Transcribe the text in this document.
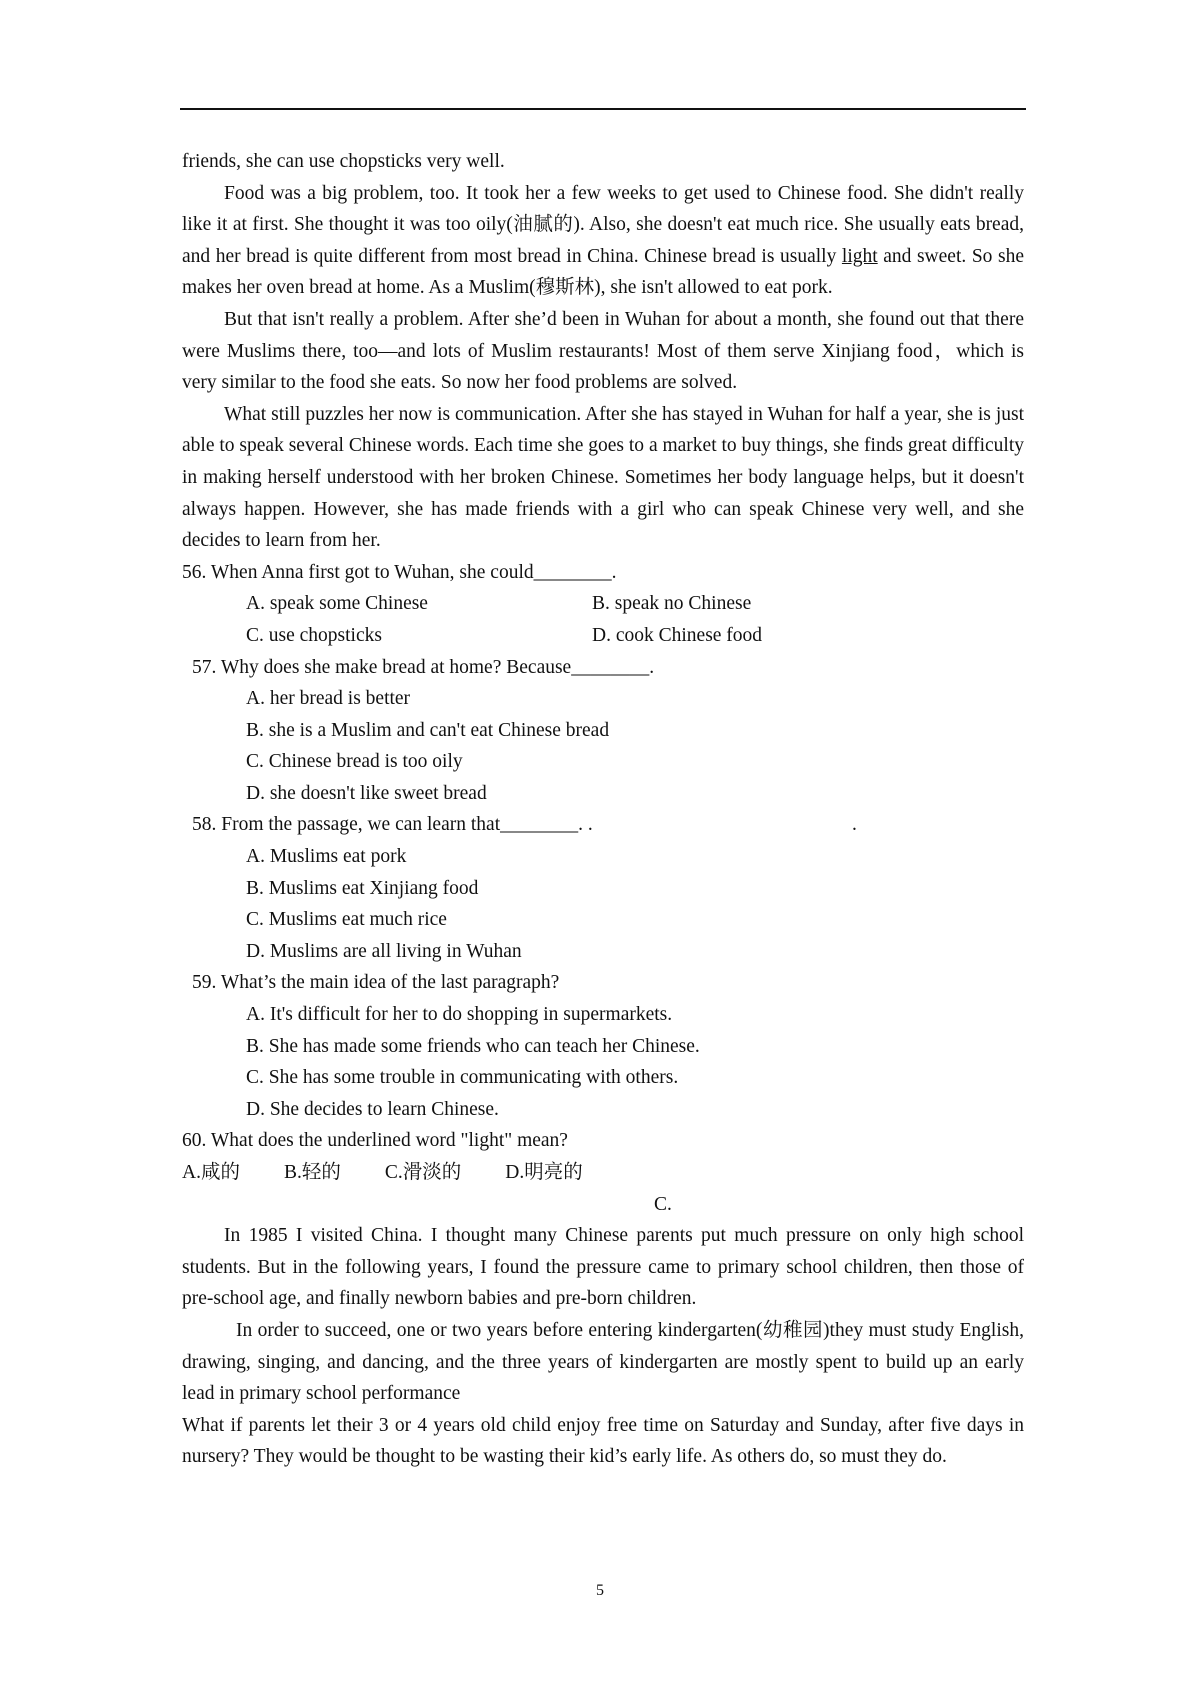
friends, she can use chopsticks very well.

Food was a big problem, too. It took her a few weeks to get used to Chinese food. She didn't really like it at first. She thought it was too oily(油腻的). Also, she doesn't eat much rice. She usually eats bread, and her bread is quite different from most bread in China. Chinese bread is usually light and sweet. So she makes her oven bread at home. As a Muslim(穆斯林), she isn't allowed to eat pork.

But that isn't really a problem. After she’d been in Wuhan for about a month, she found out that there were Muslims there, too—and lots of Muslim restaurants! Most of them serve Xinjiang food，which is very similar to the food she eats. So now her food problems are solved.

What still puzzles her now is communication. After she has stayed in Wuhan for half a year, she is just able to speak several Chinese words. Each time she goes to a market to buy things, she finds great difficulty in making herself understood with her broken Chinese. Sometimes her body language helps, but it doesn't always happen. However, she has made friends with a girl who can speak Chinese very well, and she decides to learn from her.

56. When Anna first got to Wuhan, she could________.

A. speak some Chinese	B. speak no Chinese
C. use chopsticks	D. cook Chinese food

57. Why does she make bread at home? Because________.

A. her bread is better

B. she is a Muslim and can't eat Chinese bread

C. Chinese bread is too oily

D. she doesn't like sweet bread

58. From the passage, we can learn that________. .	.

A. Muslims eat pork

B. Muslims eat Xinjiang food

C. Muslims eat much rice

D. Muslims are all living in Wuhan

59. What’s the main idea of the last paragraph?

A. It's difficult for her to do shopping in supermarkets.

B. She has made some friends who can teach her Chinese.

C. She has some trouble in communicating with others.

D. She decides to learn Chinese.

60. What does the underlined word "light" mean?

A.咸的 B.轻的 C.滑淡的 D.明亮的

C.

In 1985 I visited China. I thought many Chinese parents put much pressure on only high school students. But in the following years, I found the pressure came to primary school children, then those of pre-school age, and finally newborn babies and pre-born children.

In order to succeed, one or two years before entering kindergarten(幼稚园)they must study English, drawing, singing, and dancing, and the three years of kindergarten are mostly spent to build up an early lead in primary school performance

What if parents let their 3 or 4 years old child enjoy free time on Saturday and Sunday, after five days in nursery? They would be thought to be wasting their kid’s early life. As others do, so must they do.

5
